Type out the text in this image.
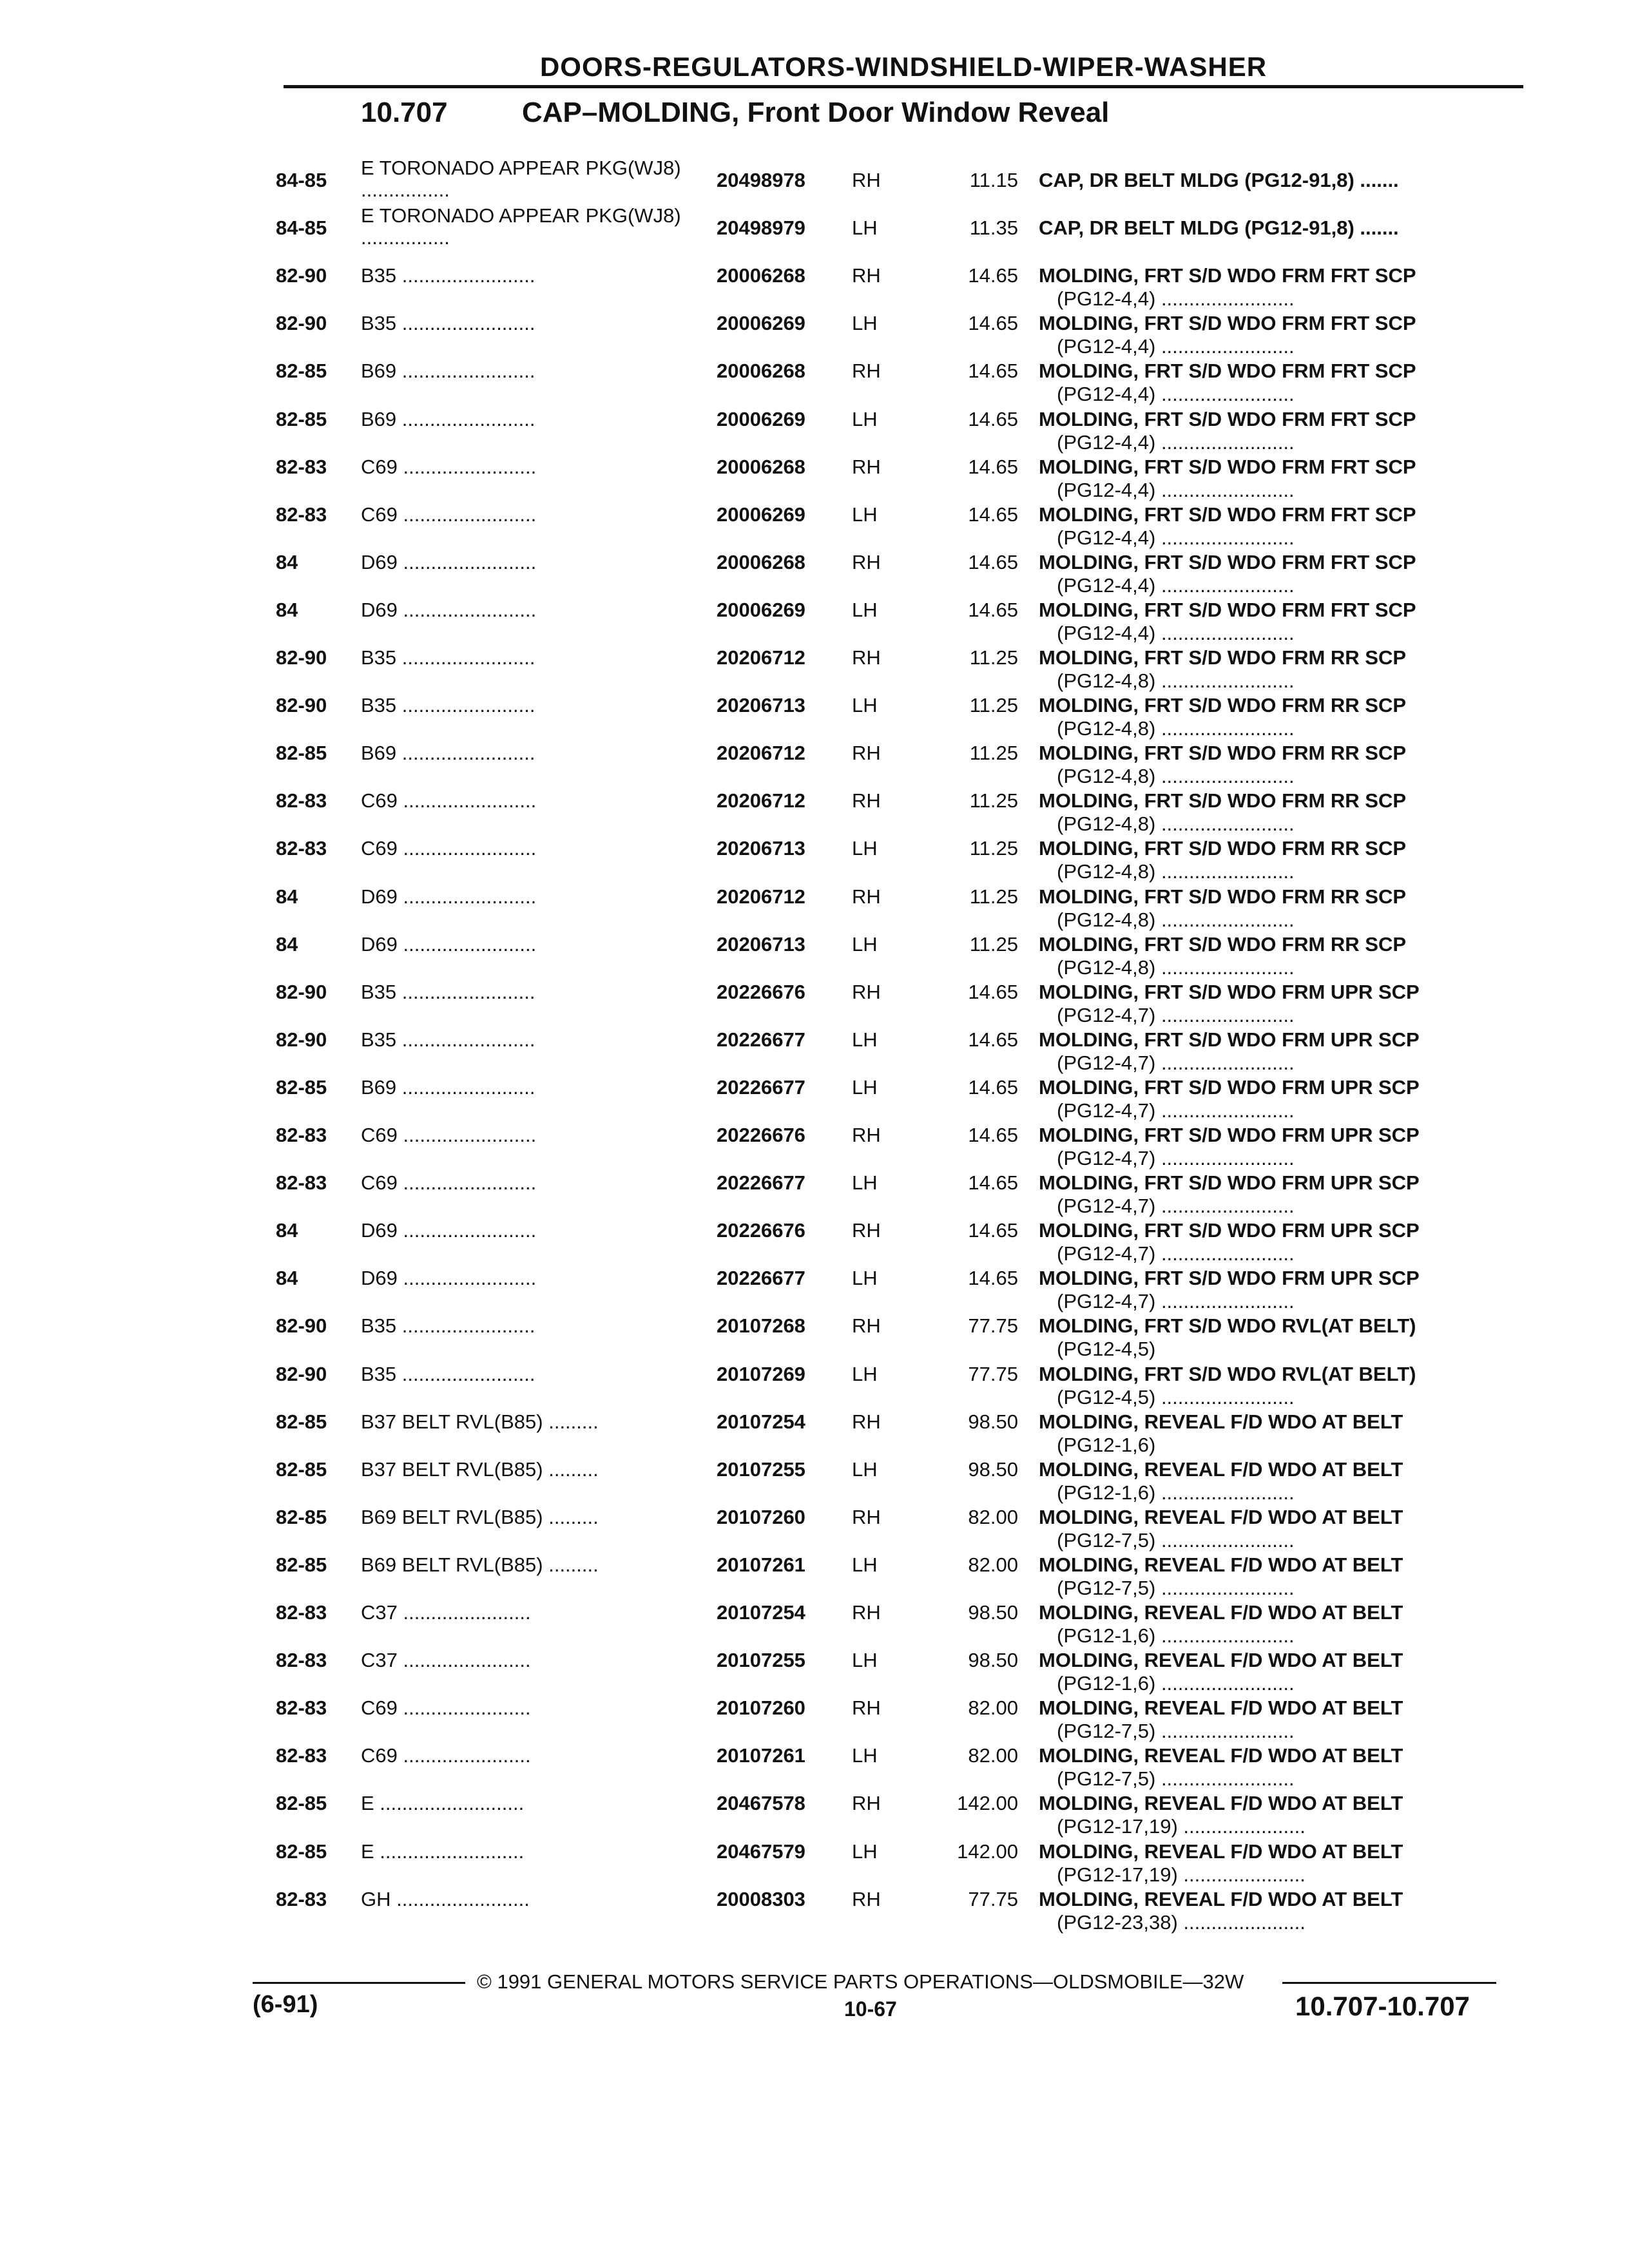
DOORS-REGULATORS-WINDSHIELD-WIPER-WASHER
10.707	CAP–MOLDING, Front Door Window Reveal
84-85
E TORONADO APPEAR PKG(WJ8) ................	20498978 RH	11.15 CAP, DR BELT MLDG (PG12-91,8) .......
84-85
E TORONADO APPEAR PKG(WJ8) ................	20498979 LH	11.35 CAP, DR BELT MLDG (PG12-91,8) .......
82-90 B35 ........................	20006268 RH	14.65 MOLDING, FRT S/D WDO FRM FRT SCP
(PG12-4,4) ........................
82-90 B35 ........................	20006269 LH	14.65 MOLDING, FRT S/D WDO FRM FRT SCP
(PG12-4,4) ........................
82-85 B69 ........................	20006268 RH	14.65 MOLDING, FRT S/D WDO FRM FRT SCP
(PG12-4,4) ........................
82-85 B69 ........................	20006269 LH	14.65 MOLDING, FRT S/D WDO FRM FRT SCP
(PG12-4,4) ........................
82-83 C69 ........................	20006268 RH	14.65 MOLDING, FRT S/D WDO FRM FRT SCP
(PG12-4,4) ........................
82-83 C69 ........................	20006269 LH	14.65 MOLDING, FRT S/D WDO FRM FRT SCP
(PG12-4,4) ........................
84	D69 ........................	20006268 RH	14.65 MOLDING, FRT S/D WDO FRM FRT SCP
(PG12-4,4) ........................
84	D69 ........................	20006269 LH	14.65 MOLDING, FRT S/D WDO FRM FRT SCP
(PG12-4,4) ........................
82-90 B35 ........................	20206712 RH	11.25 MOLDING, FRT S/D WDO FRM RR SCP
(PG12-4,8) ........................
82-90 B35 ........................	20206713 LH	11.25 MOLDING, FRT S/D WDO FRM RR SCP
(PG12-4,8) ........................
82-85 B69 ........................	20206712 RH	11.25 MOLDING, FRT S/D WDO FRM RR SCP
(PG12-4,8) ........................
82-83 C69 ........................	20206712 RH	11.25 MOLDING, FRT S/D WDO FRM RR SCP
(PG12-4,8) ........................
82-83 C69 ........................	20206713 LH	11.25 MOLDING, FRT S/D WDO FRM RR SCP
(PG12-4,8) ........................
84	D69 ........................	20206712 RH	11.25 MOLDING, FRT S/D WDO FRM RR SCP
(PG12-4,8) ........................
84	D69 ........................	20206713 LH	11.25 MOLDING, FRT S/D WDO FRM RR SCP
(PG12-4,8) ........................
82-90 B35 ........................	20226676 RH	14.65 MOLDING, FRT S/D WDO FRM UPR SCP
(PG12-4,7) ........................
82-90 B35 ........................	20226677 LH	14.65 MOLDING, FRT S/D WDO FRM UPR SCP
(PG12-4,7) ........................
82-85 B69 ........................	20226677 LH	14.65 MOLDING, FRT S/D WDO FRM UPR SCP
(PG12-4,7) ........................
82-83 C69 ........................	20226676 RH	14.65 MOLDING, FRT S/D WDO FRM UPR SCP
(PG12-4,7) ........................
82-83 C69 ........................	20226677 LH	14.65 MOLDING, FRT S/D WDO FRM UPR SCP
(PG12-4,7) ........................
84	D69 ........................	20226676 RH	14.65 MOLDING, FRT S/D WDO FRM UPR SCP
(PG12-4,7) ........................
84	D69 ........................	20226677 LH	14.65 MOLDING, FRT S/D WDO FRM UPR SCP
(PG12-4,7) ........................
82-90 B35 ........................	20107268 RH	77.75 MOLDING, FRT S/D WDO RVL(AT BELT)
(PG12-4,5)
82-90 B35 ........................	20107269 LH	77.75 MOLDING, FRT S/D WDO RVL(AT BELT)
(PG12-4,5) ........................
82-85 B37 BELT RVL(B85) .........	20107254 RH	98.50 MOLDING, REVEAL F/D WDO AT BELT
(PG12-1,6)
82-85 B37 BELT RVL(B85) .........	20107255 LH	98.50 MOLDING, REVEAL F/D WDO AT BELT
(PG12-1,6) ........................
82-85 B69 BELT RVL(B85) .........	20107260 RH	82.00 MOLDING, REVEAL F/D WDO AT BELT
(PG12-7,5) ........................
82-85 B69 BELT RVL(B85) .........	20107261 LH	82.00 MOLDING, REVEAL F/D WDO AT BELT
(PG12-7,5) ........................
82-83 C37 .......................	20107254 RH	98.50 MOLDING, REVEAL F/D WDO AT BELT
(PG12-1,6) ........................
82-83 C37 .......................	20107255 LH	98.50 MOLDING, REVEAL F/D WDO AT BELT
(PG12-1,6) ........................
82-83 C69 .......................	20107260 RH	82.00 MOLDING, REVEAL F/D WDO AT BELT
(PG12-7,5) ........................
82-83 C69 .......................	20107261 LH	82.00 MOLDING, REVEAL F/D WDO AT BELT
(PG12-7,5) ........................
82-85 E ..........................	20467578 RH	142.00 MOLDING, REVEAL F/D WDO AT BELT
(PG12-17,19) ......................
82-85 E ..........................	20467579 LH	142.00 MOLDING, REVEAL F/D WDO AT BELT
(PG12-17,19) ......................
82-83 GH ........................	20008303 RH	77.75 MOLDING, REVEAL F/D WDO AT BELT
(PG12-23,38) ......................
© 1991 GENERAL MOTORS SERVICE PARTS OPERATIONS—OLDSMOBILE—32W
(6-91)	10-67	10.707-10.707
